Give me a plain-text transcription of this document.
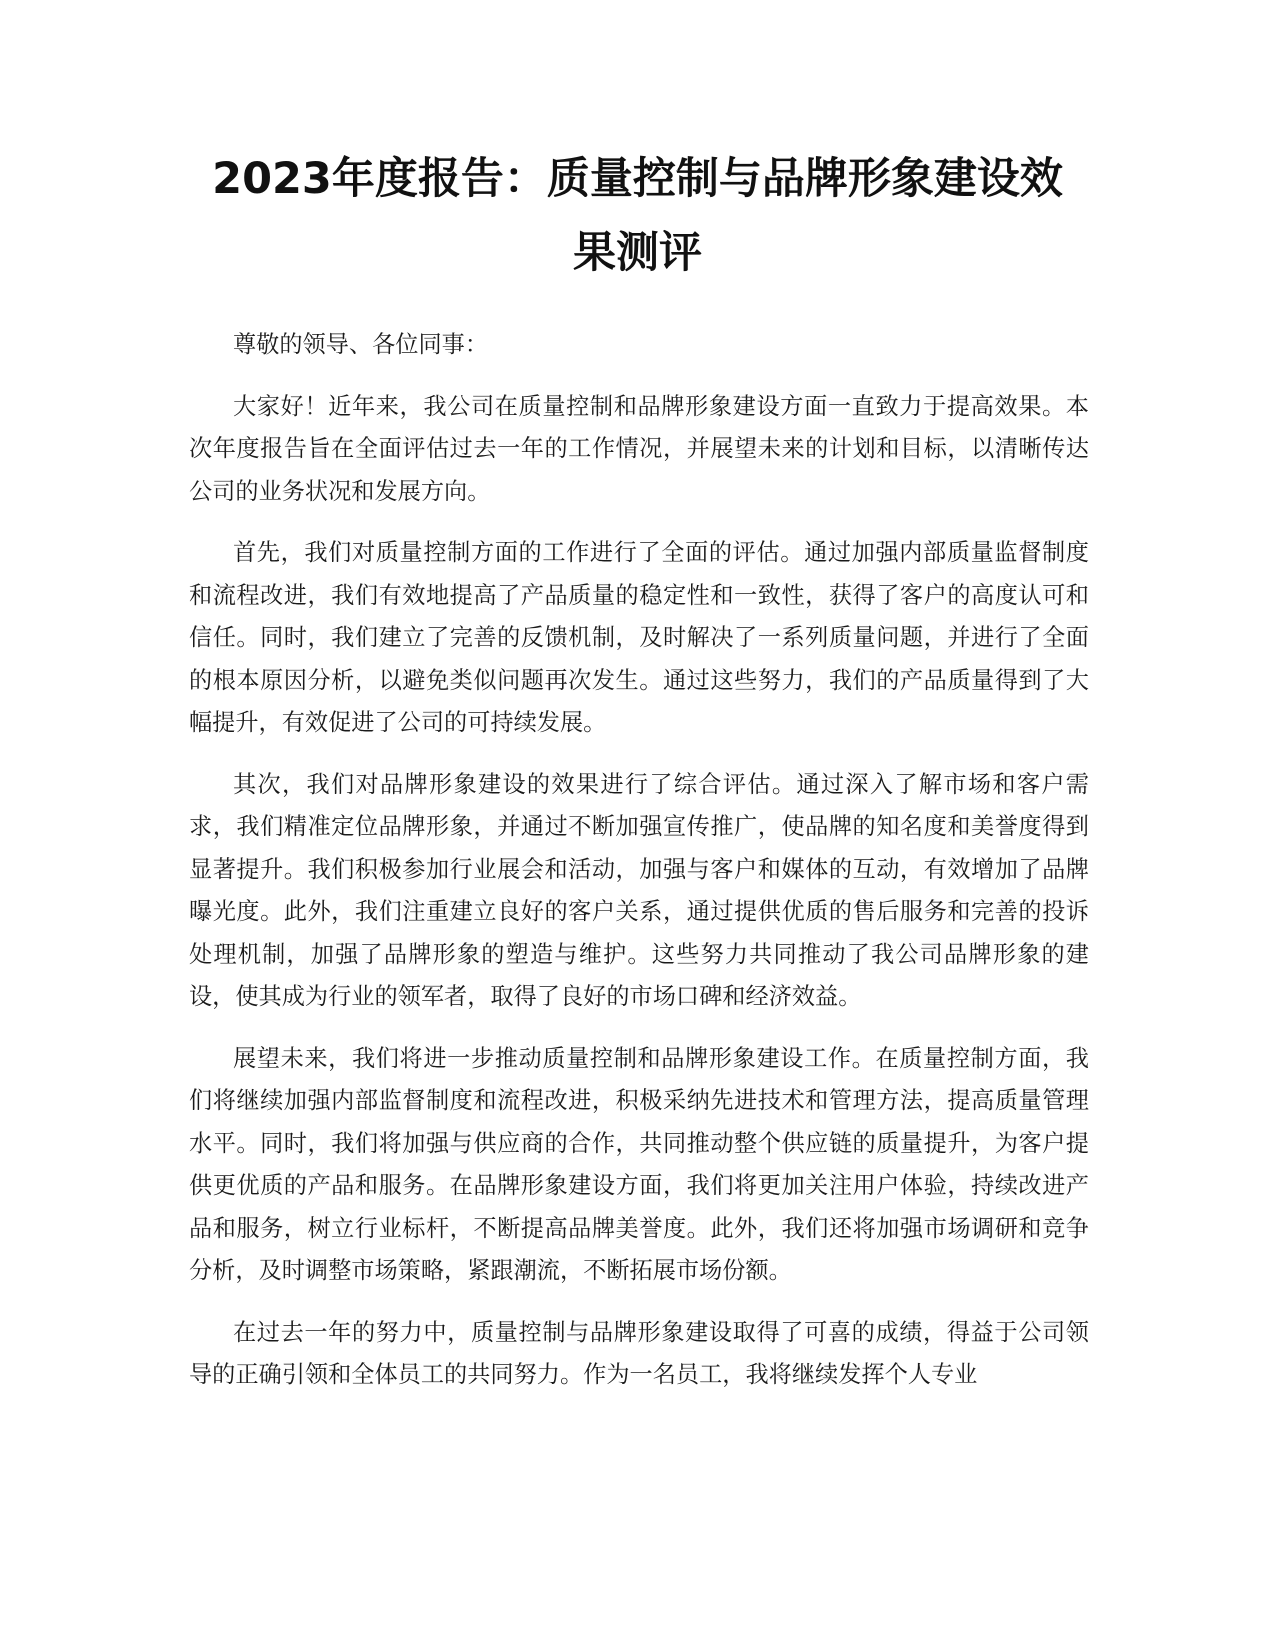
2023年度报告：质量控制与品牌形象建设效
果测评

尊敬的领导、各位同事：

大家好！近年来，我公司在质量控制和品牌形象建设方面一直致力于提高效果。本次年度报告旨在全面评估过去一年的工作情况，并展望未来的计划和目标，以清晰传达公司的业务状况和发展方向。

首先，我们对质量控制方面的工作进行了全面的评估。通过加强内部质量监督制度和流程改进，我们有效地提高了产品质量的稳定性和一致性，获得了客户的高度认可和信任。同时，我们建立了完善的反馈机制，及时解决了一系列质量问题，并进行了全面的根本原因分析，以避免类似问题再次发生。通过这些努力，我们的产品质量得到了大幅提升，有效促进了公司的可持续发展。

其次，我们对品牌形象建设的效果进行了综合评估。通过深入了解市场和客户需求，我们精准定位品牌形象，并通过不断加强宣传推广，使品牌的知名度和美誉度得到显著提升。我们积极参加行业展会和活动，加强与客户和媒体的互动，有效增加了品牌曝光度。此外，我们注重建立良好的客户关系，通过提供优质的售后服务和完善的投诉处理机制，加强了品牌形象的塑造与维护。这些努力共同推动了我公司品牌形象的建设，使其成为行业的领军者，取得了良好的市场口碑和经济效益。

展望未来，我们将进一步推动质量控制和品牌形象建设工作。在质量控制方面，我们将继续加强内部监督制度和流程改进，积极采纳先进技术和管理方法，提高质量管理水平。同时，我们将加强与供应商的合作，共同推动整个供应链的质量提升，为客户提供更优质的产品和服务。在品牌形象建设方面，我们将更加关注用户体验，持续改进产品和服务，树立行业标杆，不断提高品牌美誉度。此外，我们还将加强市场调研和竞争分析，及时调整市场策略，紧跟潮流，不断拓展市场份额。

在过去一年的努力中，质量控制与品牌形象建设取得了可喜的成绩，得益于公司领导的正确引领和全体员工的共同努力。作为一名员工，我将继续发挥个人专业
